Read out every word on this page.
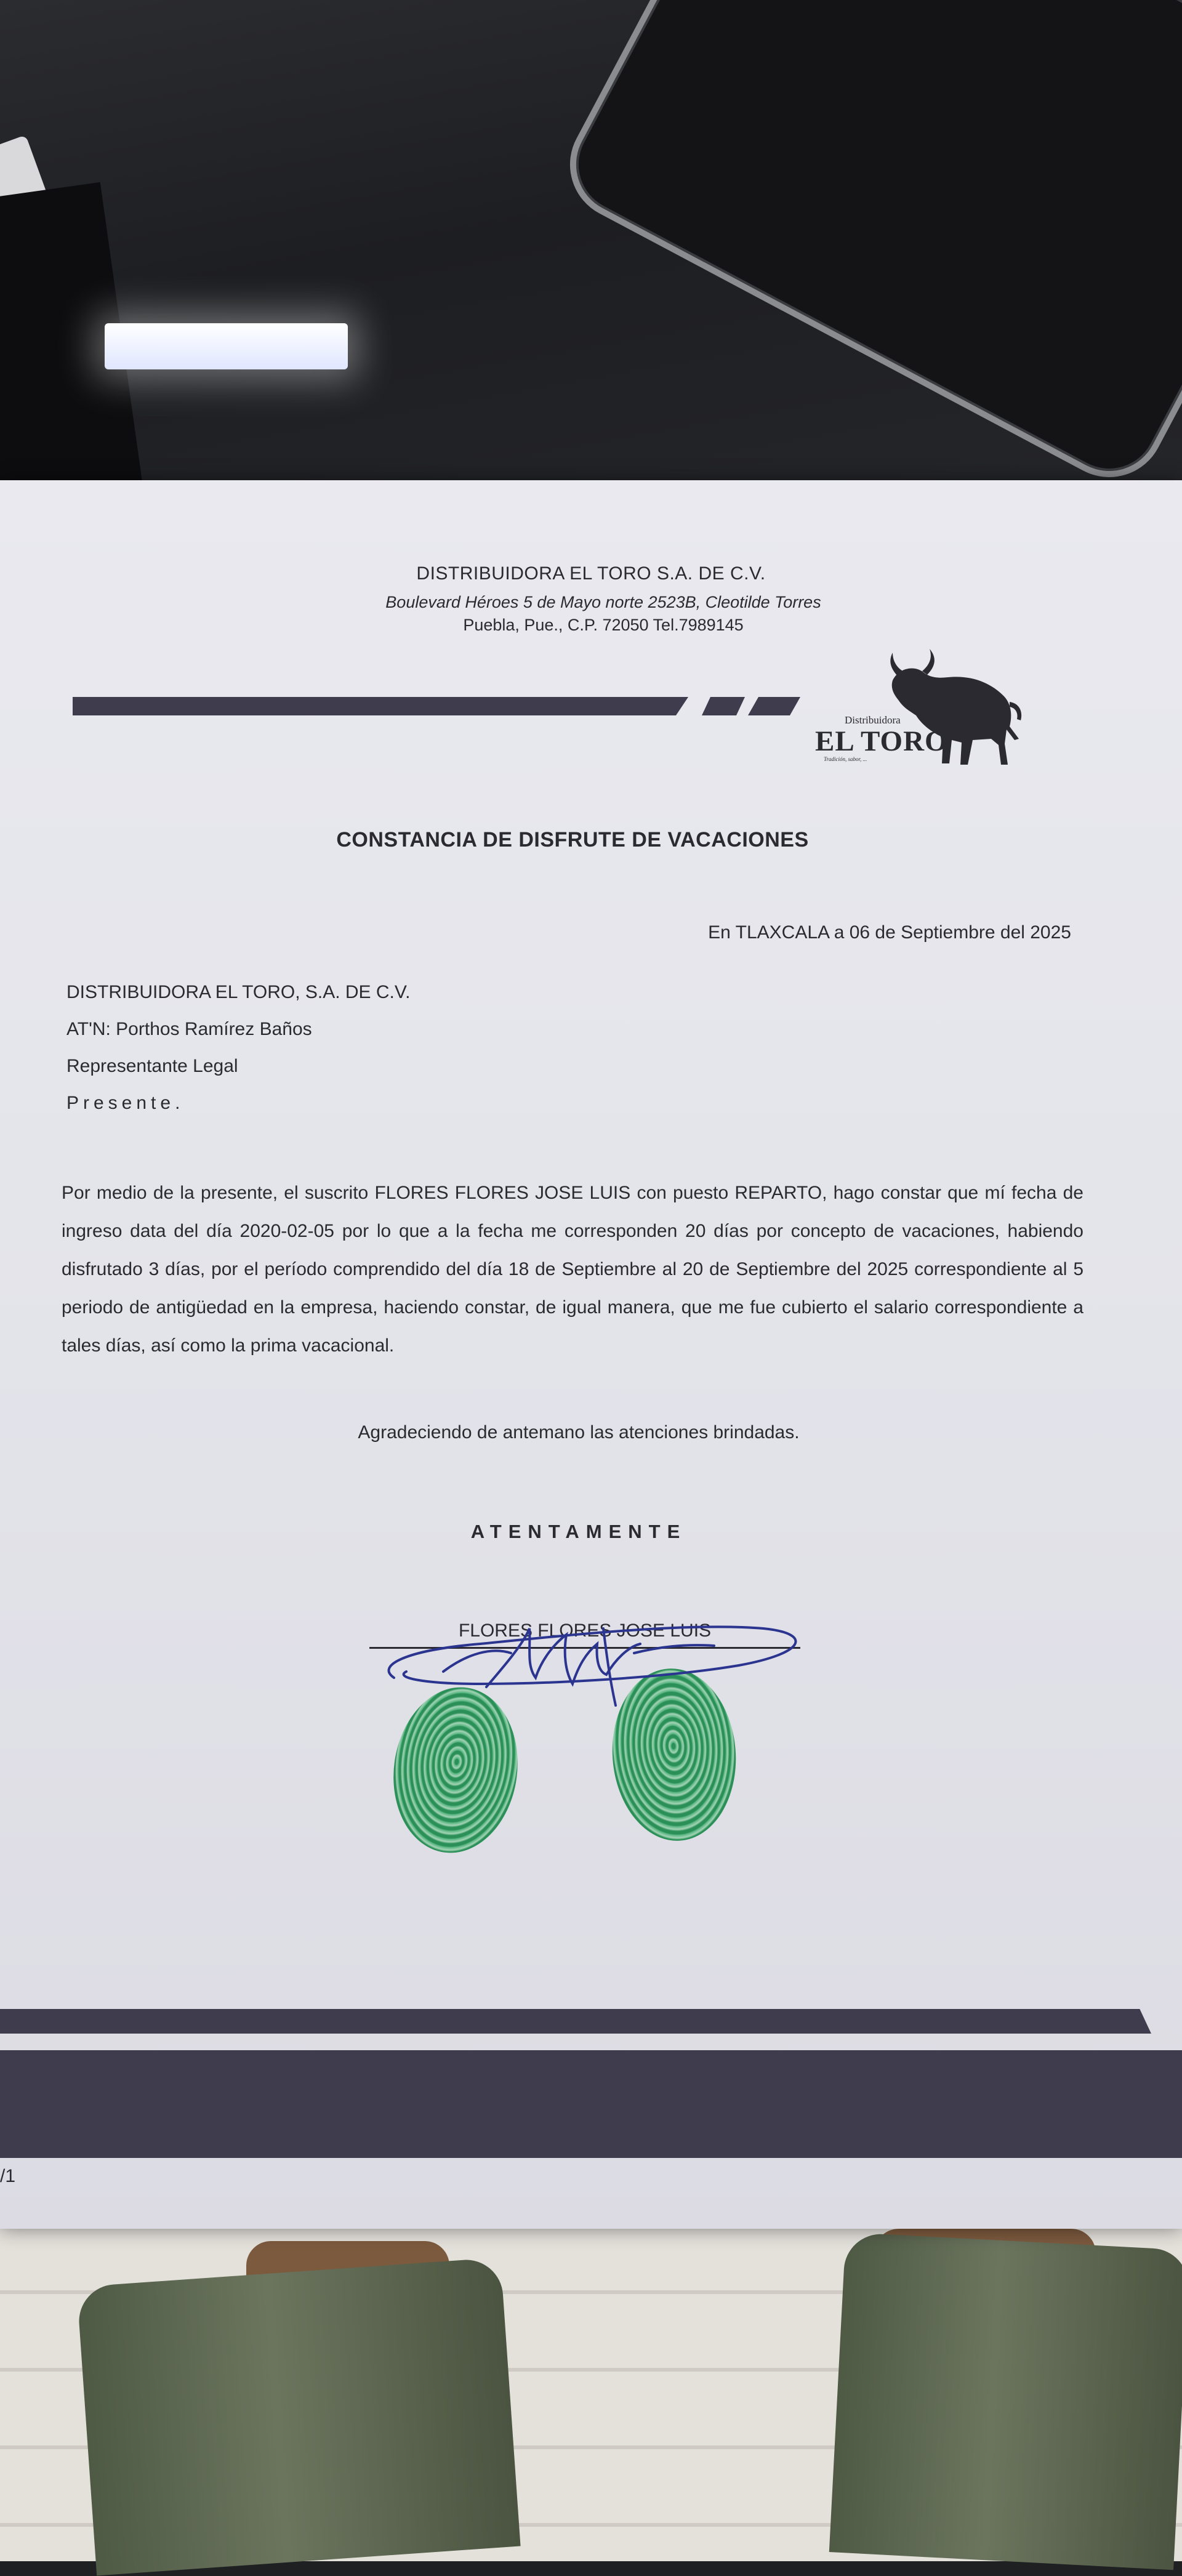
DISTRIBUIDORA EL TORO S.A. DE C.V.
Boulevard Héroes 5 de Mayo norte 2523B, Cleotilde Torres
Puebla, Pue., C.P. 72050 Tel.7989145
Distribuidora
EL TORO
Tradición, sabor, ...
CONSTANCIA DE DISFRUTE DE VACACIONES
En TLAXCALA a 06 de Septiembre del 2025
DISTRIBUIDORA EL TORO, S.A. DE C.V.
AT'N: Porthos Ramírez Baños
Representante Legal
Presente.
Por medio de la presente, el suscrito FLORES FLORES JOSE LUIS con puesto REPARTO, hago constar que mí fecha de ingreso data del día 2020-02-05 por lo que a la fecha me corresponden 20 días por concepto de vacaciones, habiendo disfrutado 3 días, por el período comprendido del día 18 de Septiembre al 20 de Septiembre del 2025 correspondiente al 5 periodo de antigüedad en la empresa, haciendo constar, de igual manera, que me fue cubierto el salario correspondiente a tales días, así como la prima vacacional.
Agradeciendo de antemano las atenciones brindadas.
ATENTAMENTE
FLORES FLORES JOSE LUIS
/1
